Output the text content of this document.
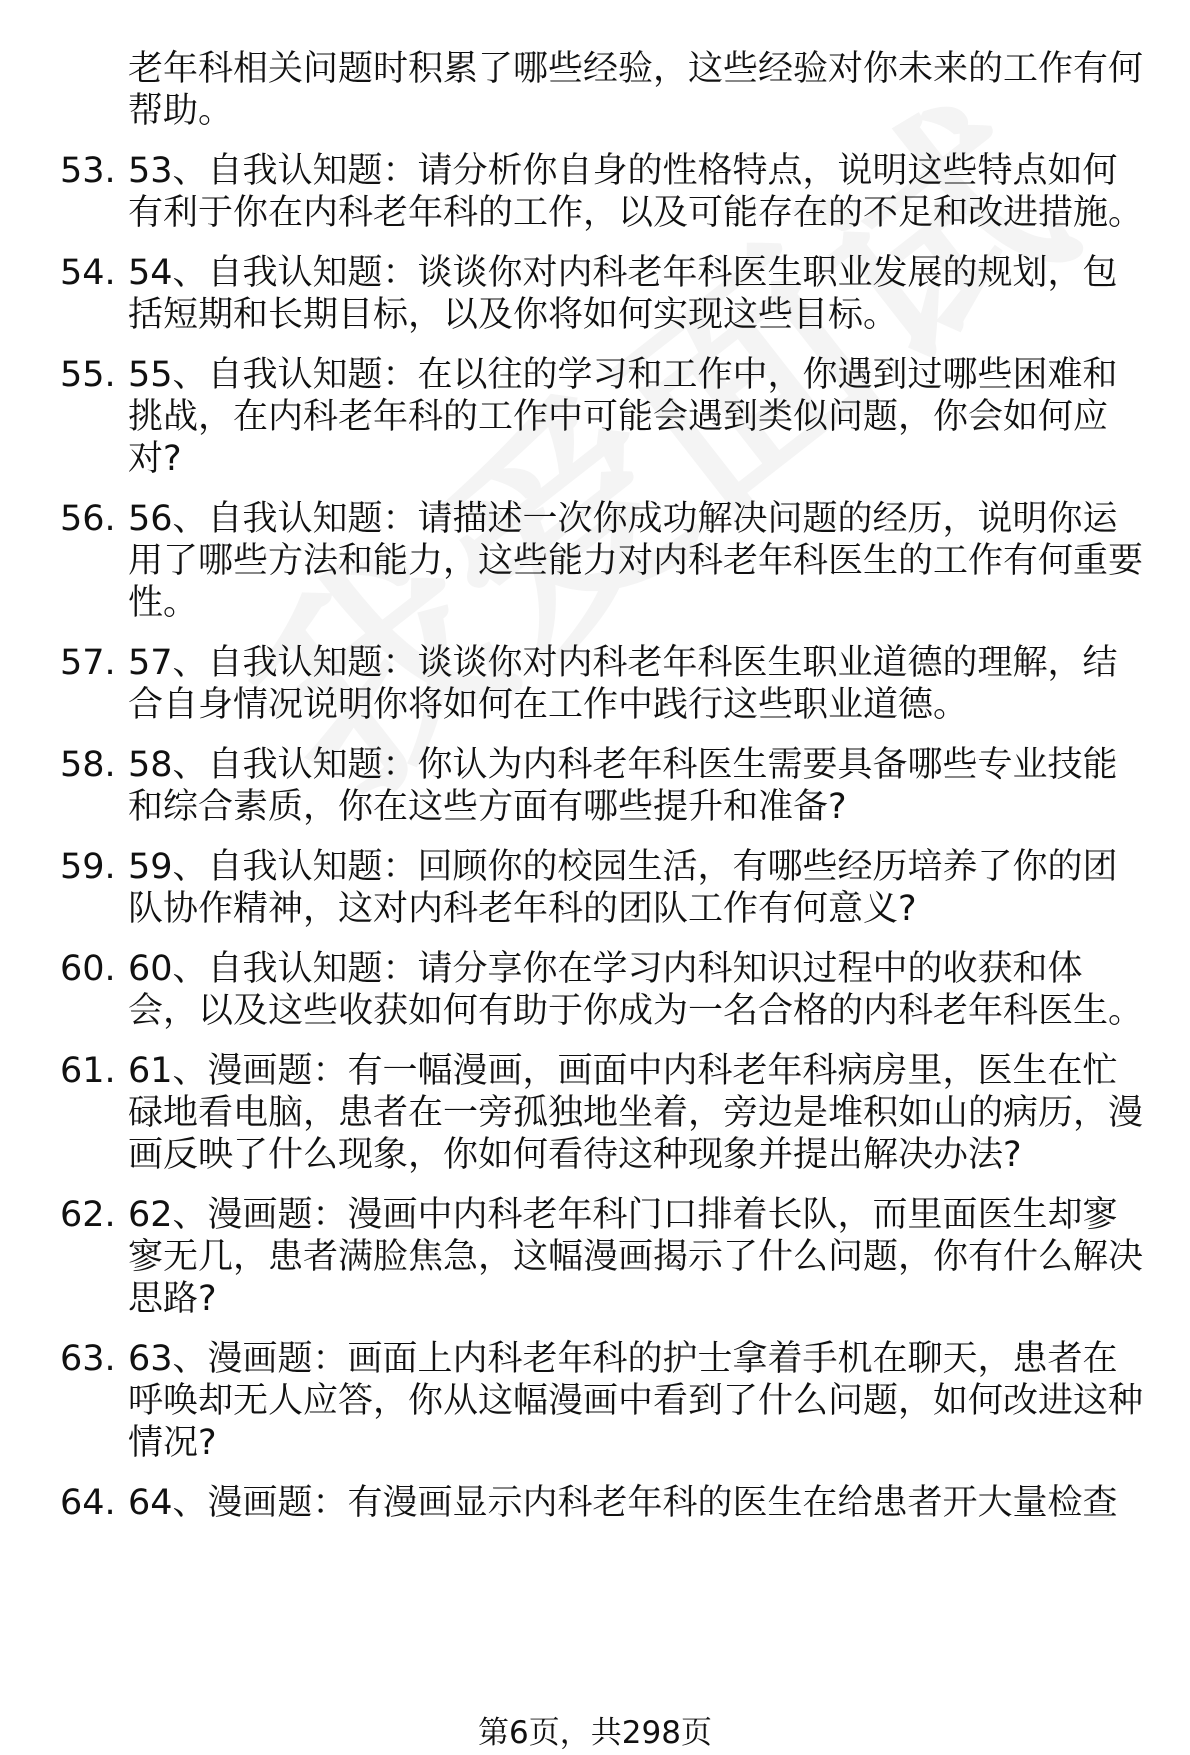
老年科相关问题时积累了哪些经验，这些经验对你未来的工作有何帮助。
53. 53、自我认知题：请分析你自身的性格特点，说明这些特点如何有利于你在内科老年科的工作，以及可能存在的不足和改进措施。
54. 54、自我认知题：谈谈你对内科老年科医生职业发展的规划，包括短期和长期目标，以及你将如何实现这些目标。
55. 55、自我认知题：在以往的学习和工作中，你遇到过哪些困难和挑战，在内科老年科的工作中可能会遇到类似问题，你会如何应对?
56. 56、自我认知题：请描述一次你成功解决问题的经历，说明你运用了哪些方法和能力，这些能力对内科老年科医生的工作有何重要性。
57. 57、自我认知题：谈谈你对内科老年科医生职业道德的理解，结合自身情况说明你将如何在工作中践行这些职业道德。
58. 58、自我认知题：你认为内科老年科医生需要具备哪些专业技能和综合素质，你在这些方面有哪些提升和准备?
59. 59、自我认知题：回顾你的校园生活，有哪些经历培养了你的团队协作精神，这对内科老年科的团队工作有何意义?
60. 60、自我认知题：请分享你在学习内科知识过程中的收获和体会，以及这些收获如何有助于你成为一名合格的内科老年科医生。
61. 61、漫画题：有一幅漫画，画面中内科老年科病房里，医生在忙碌地看电脑，患者在一旁孤独地坐着，旁边是堆积如山的病历，漫画反映了什么现象，你如何看待这种现象并提出解决办法?
62. 62、漫画题：漫画中内科老年科门口排着长队，而里面医生却寥寥无几，患者满脸焦急，这幅漫画揭示了什么问题，你有什么解决思路?
63. 63、漫画题：画面上内科老年科的护士拿着手机在聊天，患者在呼唤却无人应答，你从这幅漫画中看到了什么问题，如何改进这种情况?
64. 64、漫画题：有漫画显示内科老年科的医生在给患者开大量检查
第6页，共298页
